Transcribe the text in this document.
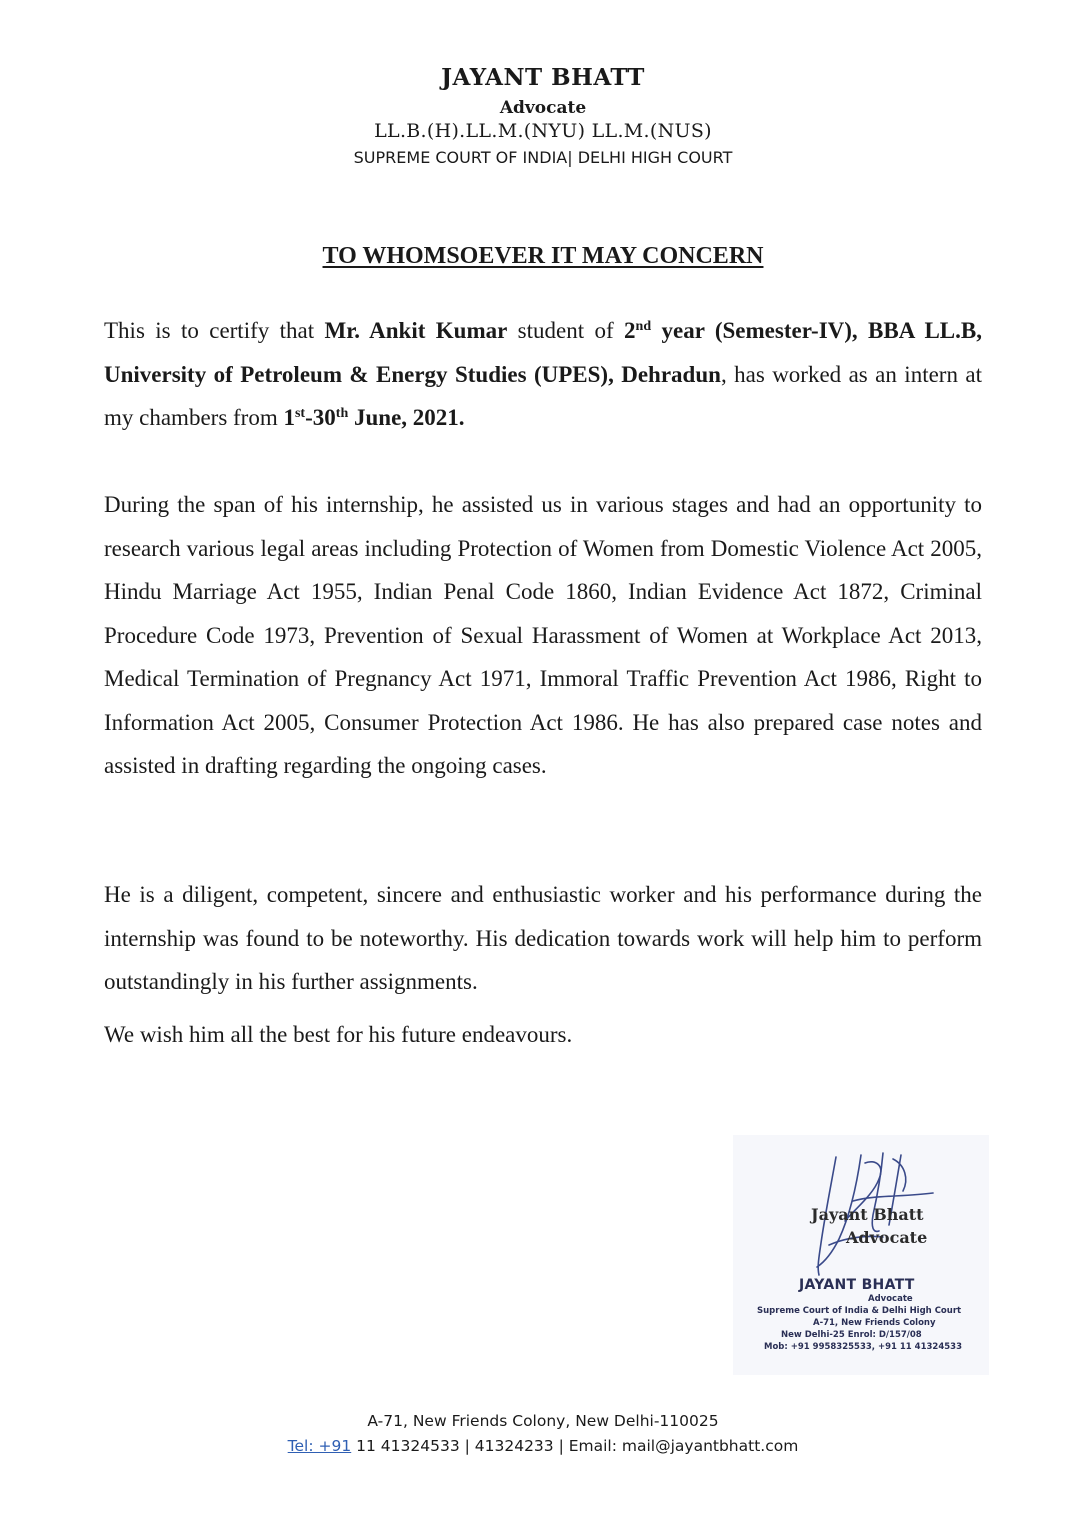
JAYANT BHATT
Advocate
LL.B.(H).LL.M.(NYU) LL.M.(NUS)
SUPREME COURT OF INDIA| DELHI HIGH COURT
TO WHOMSOEVER IT MAY CONCERN

This is to certify that Mr. Ankit Kumar student of 2nd year (Semester-IV), BBA LL.B, University of Petroleum & Energy Studies (UPES), Dehradun, has worked as an intern at my chambers from 1st-30th June, 2021.

During the span of his internship, he assisted us in various stages and had an opportunity to research various legal areas including Protection of Women from Domestic Violence Act 2005, Hindu Marriage Act 1955, Indian Penal Code 1860, Indian Evidence Act 1872, Criminal Procedure Code 1973, Prevention of Sexual Harassment of Women at Workplace Act 2013, Medical Termination of Pregnancy Act 1971, Immoral Traffic Prevention Act 1986, Right to Information Act 2005, Consumer Protection Act 1986. He has also prepared case notes and assisted in drafting regarding the ongoing cases.

He is a diligent, competent, sincere and enthusiastic worker and his performance during the internship was found to be noteworthy. His dedication towards work will help him to perform outstandingly in his further assignments.

We wish him all the best for his future endeavours.

Jayant Bhatt
Advocate
JAYANT BHATT
Advocate
Supreme Court of India & Delhi High Court
A-71, New Friends Colony
New Delhi-25 Enrol: D/157/08
Mob: +91 9958325533, +91 11 41324533
A-71, New Friends Colony, New Delhi-110025
Tel: +91 11 41324533 | 41324233 | Email: mail@jayantbhatt.com
